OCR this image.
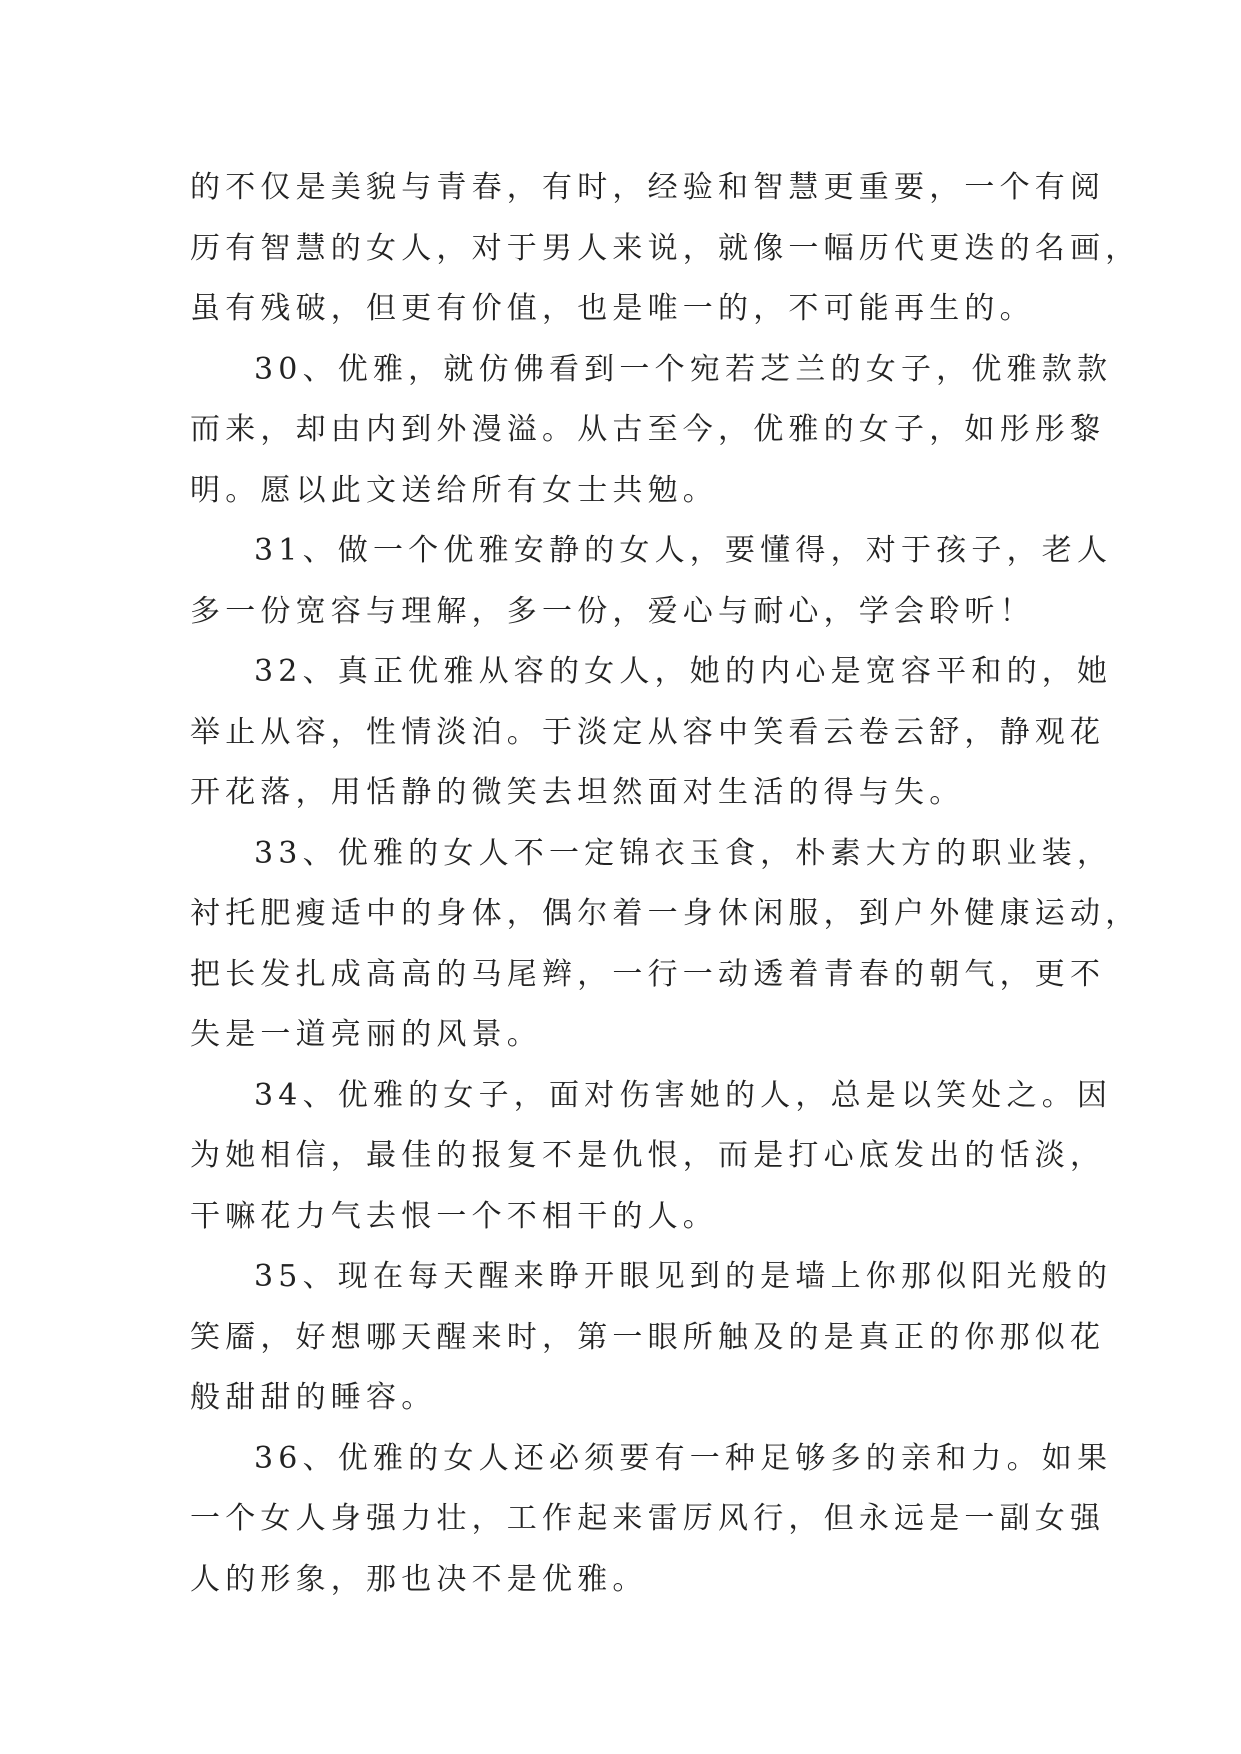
的不仅是美貌与青春，有时，经验和智慧更重要，一个有阅
历有智慧的女人，对于男人来说，就像一幅历代更迭的名画，
虽有残破，但更有价值，也是唯一的，不可能再生的。
30、优雅，就仿佛看到一个宛若芝兰的女子，优雅款款
而来，却由内到外漫溢。从古至今，优雅的女子，如彤彤黎
明。愿以此文送给所有女士共勉。
31、做一个优雅安静的女人，要懂得，对于孩子，老人
多一份宽容与理解，多一份，爱心与耐心，学会聆听！
32、真正优雅从容的女人，她的内心是宽容平和的，她
举止从容，性情淡泊。于淡定从容中笑看云卷云舒，静观花
开花落，用恬静的微笑去坦然面对生活的得与失。
33、优雅的女人不一定锦衣玉食，朴素大方的职业装，
衬托肥瘦适中的身体，偶尔着一身休闲服，到户外健康运动，
把长发扎成高高的马尾辫，一行一动透着青春的朝气，更不
失是一道亮丽的风景。
34、优雅的女子，面对伤害她的人，总是以笑处之。因
为她相信，最佳的报复不是仇恨，而是打心底发出的恬淡，
干嘛花力气去恨一个不相干的人。
35、现在每天醒来睁开眼见到的是墙上你那似阳光般的
笑靥，好想哪天醒来时，第一眼所触及的是真正的你那似花
般甜甜的睡容。
36、优雅的女人还必须要有一种足够多的亲和力。如果
一个女人身强力壮，工作起来雷厉风行，但永远是一副女强
人的形象，那也决不是优雅。
